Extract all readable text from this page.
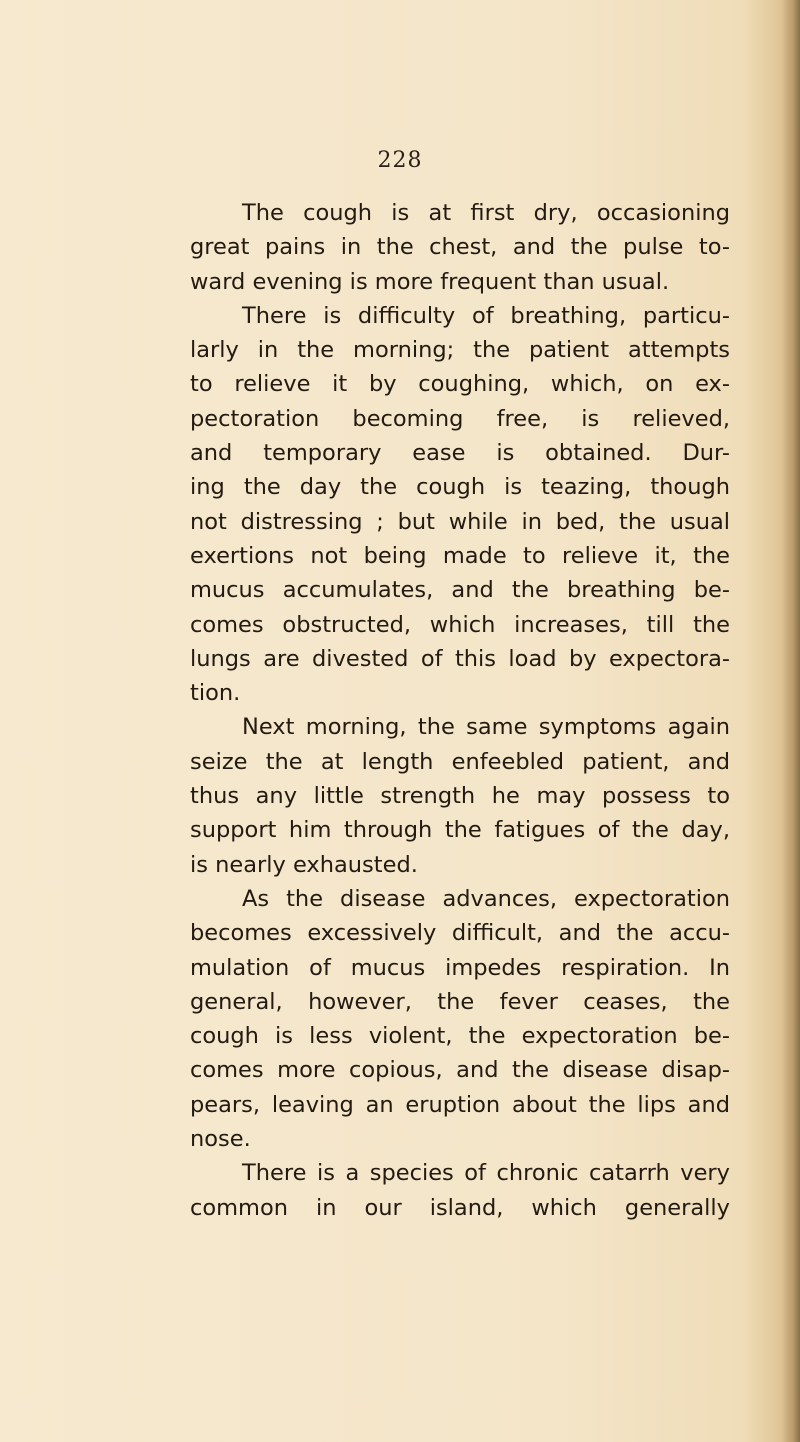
228
The cough is at first dry, occasioning
great pains in the chest, and the pulse to-
ward evening is more frequent than usual.
There is difficulty of breathing, particu-
larly in the morning; the patient attempts
to relieve it by coughing, which, on ex-
pectoration becoming free, is relieved,
and temporary ease is obtained. Dur-
ing the day the cough is teazing, though
not distressing ; but while in bed, the usual
exertions not being made to relieve it, the
mucus accumulates, and the breathing be-
comes obstructed, which increases, till the
lungs are divested of this load by expectora-
tion.
Next morning, the same symptoms again
seize the at length enfeebled patient, and
thus any little strength he may possess to
support him through the fatigues of the day,
is nearly exhausted.
As the disease advances, expectoration
becomes excessively difficult, and the accu-
mulation of mucus impedes respiration. In
general, however, the fever ceases, the
cough is less violent, the expectoration be-
comes more copious, and the disease disap-
pears, leaving an eruption about the lips and
nose.
There is a species of chronic catarrh very
common in our island, which generally
